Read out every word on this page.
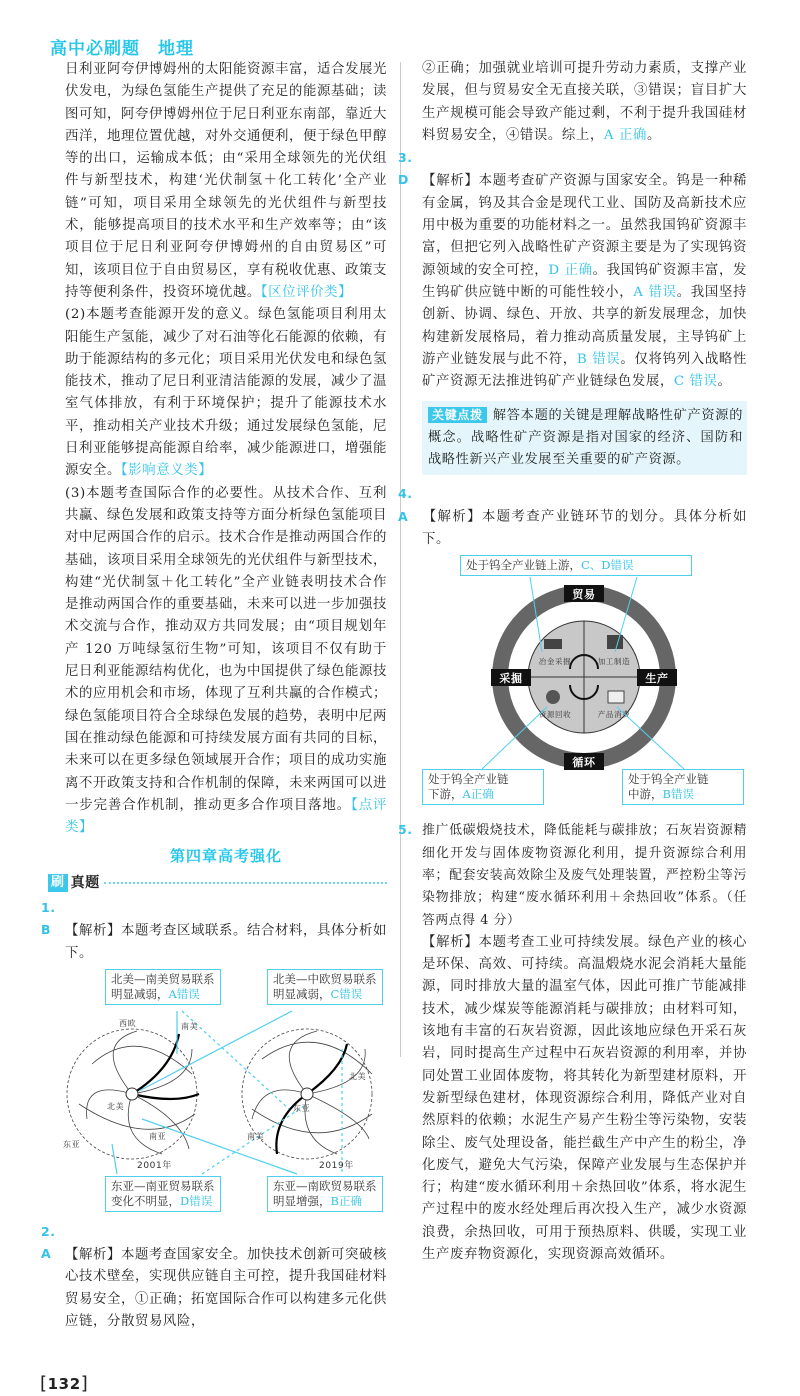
高中必刷题　地理

日利亚阿夸伊博姆州的太阳能资源丰富，适合发展光伏发电，为绿色氢能生产提供了充足的能源基础；读图可知，阿夸伊博姆州位于尼日利亚东南部，靠近大西洋，地理位置优越，对外交通便利，便于绿色甲醇等的出口，运输成本低；由“采用全球领先的光伏组件与新型技术，构建‘光伏制氢＋化工转化’全产业链”可知，项目采用全球领先的光伏组件与新型技术，能够提高项目的技术水平和生产效率等；由“该项目位于尼日利亚阿夸伊博姆州的自由贸易区”可知，该项目位于自由贸易区，享有税收优惠、政策支持等便利条件，投资环境优越。【区位评价类】

(2)本题考查能源开发的意义。绿色氢能项目利用太阳能生产氢能，减少了对石油等化石能源的依赖，有助于能源结构的多元化；项目采用光伏发电和绿色氢能技术，推动了尼日利亚清洁能源的发展，减少了温室气体排放，有利于环境保护；提升了能源技术水平，推动相关产业技术升级；通过发展绿色氢能，尼日利亚能够提高能源自给率，减少能源进口，增强能源安全。【影响意义类】

(3)本题考查国际合作的必要性。从技术合作、互利共赢、绿色发展和政策支持等方面分析绿色氢能项目对中尼两国合作的启示。技术合作是推动两国合作的基础，该项目采用全球领先的光伏组件与新型技术，构建“光伏制氢＋化工转化”全产业链表明技术合作是推动两国合作的重要基础，未来可以进一步加强技术交流与合作，推动双方共同发展；由“项目规划年产 120 万吨绿氢衍生物”可知，该项目不仅有助于尼日利亚能源结构优化，也为中国提供了绿色能源技术的应用机会和市场，体现了互利共赢的合作模式；绿色氢能项目符合全球绿色发展的趋势，表明中尼两国在推动绿色能源和可持续发展方面有共同的目标，未来可以在更多绿色领域展开合作；项目的成功实施离不开政策支持和合作机制的保障，未来两国可以进一步完善合作机制，推动更多合作项目落地。【点评类】

第四章高考强化
刷 真题

1. B 【解析】本题考查区域联系。结合材料，具体分析如下。

西欧	南美
北美
东亚
南亚	南美
东亚
北美
2001年	2019年
北美—南美贸易联系
明显减弱，A错误
北美—中欧贸易联系
明显减弱，C错误
东亚—南亚贸易联系
变化不明显，D错误
东亚—南欧贸易联系
明显增强，B正确

2. A 【解析】本题考查国家安全。加快技术创新可突破核心技术壁垒，实现供应链自主可控，提升我国硅材料贸易安全，①正确；拓宽国际合作可以构建多元化供应链，分散贸易风险，

[132]

②正确；加强就业培训可提升劳动力素质，支撑产业发展，但与贸易安全无直接关联，③错误；盲目扩大生产规模可能会导致产能过剩，不利于提升我国硅材料贸易安全，④错误。综上，A 正确。

3. D 【解析】本题考查矿产资源与国家安全。钨是一种稀有金属，钨及其合金是现代工业、国防及高新技术应用中极为重要的功能材料之一。虽然我国钨矿资源丰富，但把它列入战略性矿产资源主要是为了实现钨资源领域的安全可控，D 正确。我国钨矿资源丰富，发生钨矿供应链中断的可能性较小，A 错误。我国坚持创新、协调、绿色、开放、共享的新发展理念，加快构建新发展格局，着力推动高质量发展，主导钨矿上游产业链发展与此不符，B 错误。仅将钨列入战略性矿产资源无法推进钨矿产业链绿色发展，C 错误。

关键点拨 解答本题的关键是理解战略性矿产资源的概念。战略性矿产资源是指对国家的经济、国防和战略性新兴产业发展至关重要的矿产资源。

4. A 【解析】本题考查产业链环节的划分。具体分析如下。

贸易
采掘	生产
循环
冶金采掘	加工制造
资源回收	产品消费
处于钨全产业链上游，C、D错误
处于钨全产业链
下游，A正确
处于钨全产业链
中游，B错误

5. 推广低碳煅烧技术，降低能耗与碳排放；石灰岩资源精细化开发与固体废物资源化利用，提升资源综合利用率；配套安装高效除尘及废气处理装置，严控粉尘等污染物排放；构建“废水循环利用＋余热回收”体系。（任答两点得 4 分）

【解析】本题考查工业可持续发展。绿色产业的核心是环保、高效、可持续。高温煅烧水泥会消耗大量能源，同时排放大量的温室气体，因此可推广节能减排技术，减少煤炭等能源消耗与碳排放；由材料可知，该地有丰富的石灰岩资源，因此该地应绿色开采石灰岩，同时提高生产过程中石灰岩资源的利用率，并协同处置工业固体废物，将其转化为新型建材原料，开发新型绿色建材，体现资源综合利用，降低产业对自然原料的依赖；水泥生产易产生粉尘等污染物，安装除尘、废气处理设备，能拦截生产中产生的粉尘，净化废气，避免大气污染，保障产业发展与生态保护并行；构建“废水循环利用＋余热回收”体系，将水泥生产过程中的废水经处理后再次投入生产，减少水资源浪费，余热回收，可用于预热原料、供暖，实现工业生产废弃物资源化，实现资源高效循环。
